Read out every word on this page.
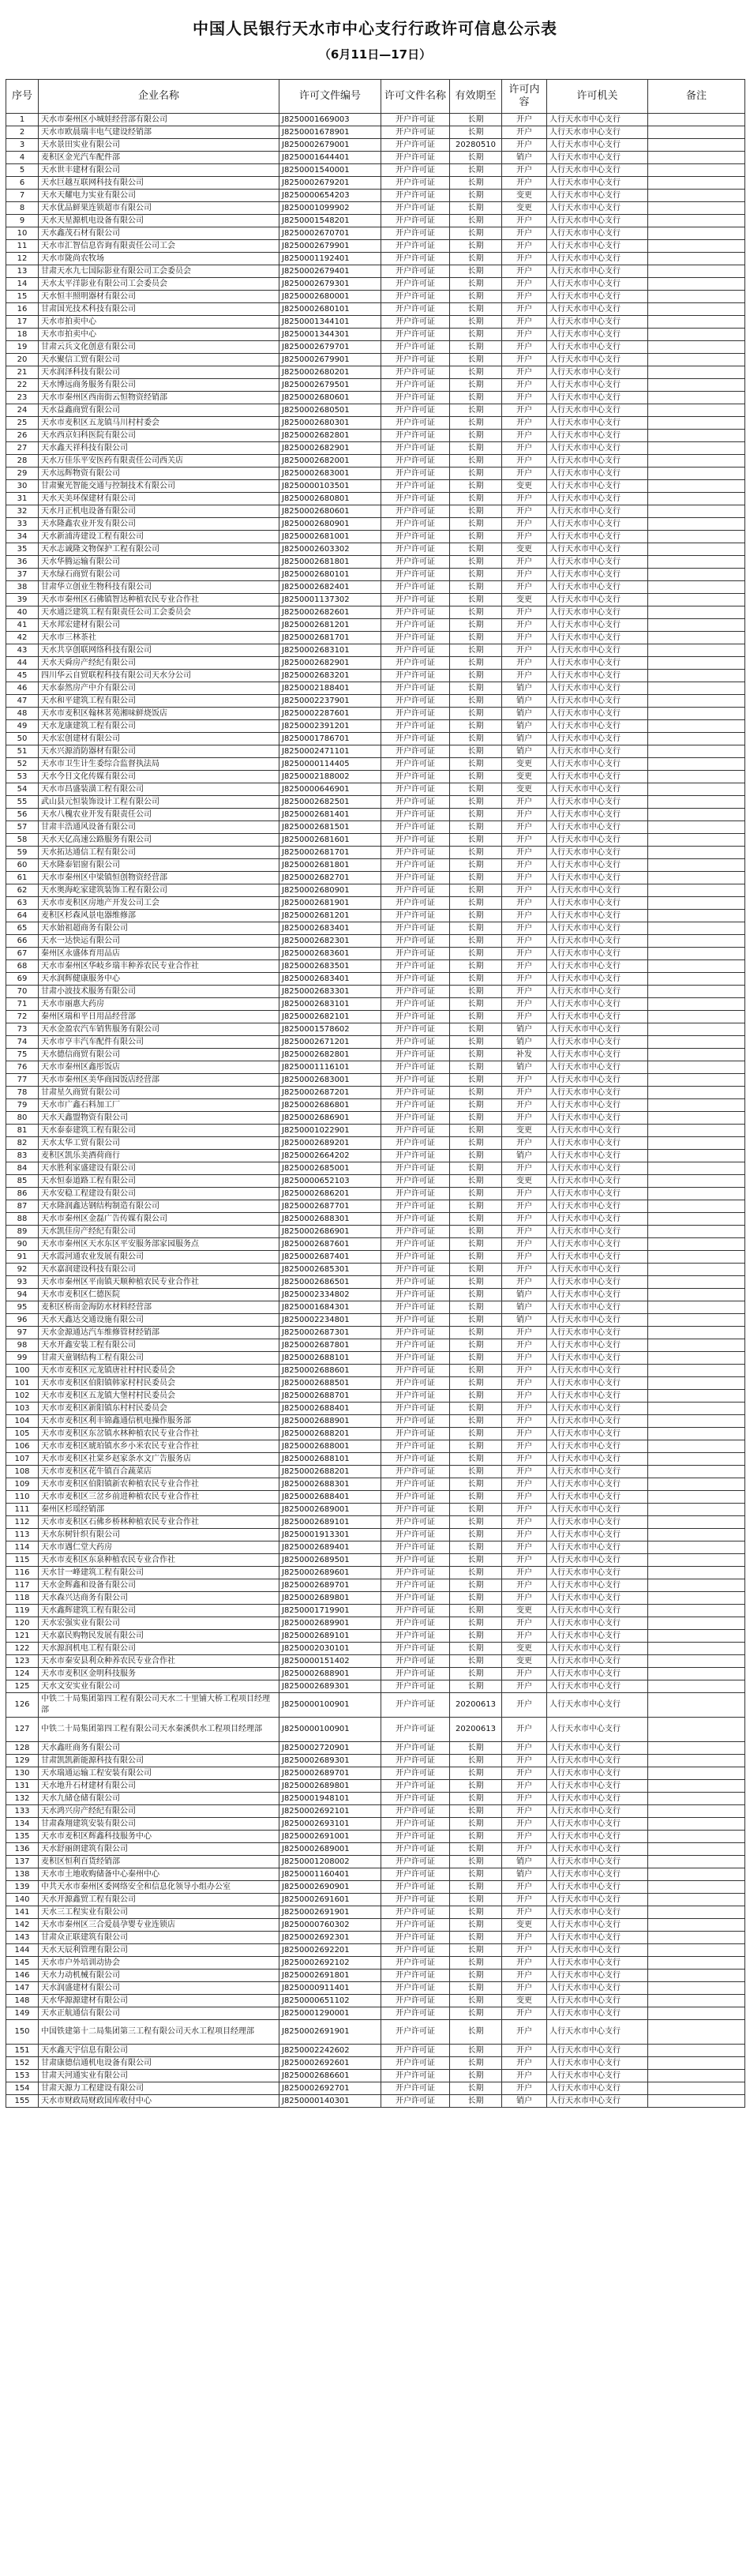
中国人民银行天水市中心支行行政许可信息公示表
（6月11日—17日）
序号	企业名称	许可文件编号	许可文件名称	有效期至	许可内容	许可机关	备注
1	天水市秦州区小城娃经营部有限公司	J8250001669003	开户许可证	长期	开户	人行天水市中心支行	
2	天水市欧晨瑞丰电气建设经销部	J8250001678901	开户许可证	长期	开户	人行天水市中心支行	
3	天水景田实业有限公司	J8250002679001	开户许可证	20280510	开户	人行天水市中心支行	
4	麦积区金光汽车配件部	J8250001644401	开户许可证	长期	销户	人行天水市中心支行	
5	天水世丰建材有限公司	J8250001540001	开户许可证	长期	开户	人行天水市中心支行	
6	天水巨越互联网科技有限公司	J8250002679201	开户许可证	长期	开户	人行天水市中心支行	
7	天水天耀电力实业有限公司	J8250000654203	开户许可证	长期	变更	人行天水市中心支行	
8	天水优品鲜果连锁超市有限公司	J8250001099902	开户许可证	长期	变更	人行天水市中心支行	
9	天水天星源机电设备有限公司	J8250001548201	开户许可证	长期	开户	人行天水市中心支行	
10	天水鑫茂石材有限公司	J8250002670701	开户许可证	长期	开户	人行天水市中心支行	
11	天水市汇智信息咨询有限责任公司工会	J8250002679901	开户许可证	长期	开户	人行天水市中心支行	
12	天水市陇尚农牧场	J8250001192401	开户许可证	长期	开户	人行天水市中心支行	
13	甘肃天水九七国际影业有限公司工会委员会	J8250002679401	开户许可证	长期	开户	人行天水市中心支行	
14	天水太平洋影业有限公司工会委员会	J8250002679301	开户许可证	长期	开户	人行天水市中心支行	
15	天水恒丰照明器材有限公司	J8250002680001	开户许可证	长期	开户	人行天水市中心支行	
16	甘肃国光技术科技有限公司	J8250002680101	开户许可证	长期	开户	人行天水市中心支行	
17	天水市拍卖中心	J8250001344101	开户许可证	长期	开户	人行天水市中心支行	
18	天水市拍卖中心	J8250001344301	开户许可证	长期	开户	人行天水市中心支行	
19	甘肃云兵文化创意有限公司	J8250002679701	开户许可证	长期	开户	人行天水市中心支行	
20	天水聚信工贸有限公司	J8250002679901	开户许可证	长期	开户	人行天水市中心支行	
21	天水润泽科技有限公司	J8250002680201	开户许可证	长期	开户	人行天水市中心支行	
22	天水博远商务服务有限公司	J8250002679501	开户许可证	长期	开户	人行天水市中心支行	
23	天水市秦州区西南街云恒物资经销部	J8250002680601	开户许可证	长期	开户	人行天水市中心支行	
24	天水益鑫商贸有限公司	J8250002680501	开户许可证	长期	开户	人行天水市中心支行	
25	天水市麦积区五龙镇马川村村委会	J8250002680301	开户许可证	长期	开户	人行天水市中心支行	
26	天水西京妇科医院有限公司	J8250002682801	开户许可证	长期	开户	人行天水市中心支行	
27	天水鑫天祥科技有限公司	J8250002682901	开户许可证	长期	开户	人行天水市中心支行	
28	天水万佳乐平安医药有限责任公司西关店	J8250002682001	开户许可证	长期	开户	人行天水市中心支行	
29	天水远辉物资有限公司	J8250002683001	开户许可证	长期	开户	人行天水市中心支行	
30	甘肃聚光智能交通与控制技术有限公司	J8250000103501	开户许可证	长期	变更	人行天水市中心支行	
31	天水天美环保建材有限公司	J8250002680801	开户许可证	长期	开户	人行天水市中心支行	
32	天水月正机电设备有限公司	J8250002680601	开户许可证	长期	开户	人行天水市中心支行	
33	天水隆鑫农业开发有限公司	J8250002680901	开户许可证	长期	开户	人行天水市中心支行	
34	天水新浦涛建设工程有限公司	J8250002681001	开户许可证	长期	开户	人行天水市中心支行	
35	天水志诚隆文物保护工程有限公司	J8250002603302	开户许可证	长期	变更	人行天水市中心支行	
36	天水华腾运输有限公司	J8250002681801	开户许可证	长期	开户	人行天水市中心支行	
37	天水绿石商贸有限公司	J8250002680101	开户许可证	长期	开户	人行天水市中心支行	
38	甘肃华立创业生物科技有限公司	J8250002682401	开户许可证	长期	开户	人行天水市中心支行	
39	天水市秦州区石佛镇智达种植农民专业合作社	J8250001137302	开户许可证	长期	变更	人行天水市中心支行	
40	天水通泛建筑工程有限责任公司工会委员会	J8250002682601	开户许可证	长期	开户	人行天水市中心支行	
41	天水邦宏建材有限公司	J8250002681201	开户许可证	长期	开户	人行天水市中心支行	
42	天水市三林茶社	J8250002681701	开户许可证	长期	开户	人行天水市中心支行	
43	天水共享创联网络科技有限公司	J8250002683101	开户许可证	长期	开户	人行天水市中心支行	
44	天水天舜房产经纪有限公司	J8250002682901	开户许可证	长期	开户	人行天水市中心支行	
45	四川华云自贸联程科技有限公司天水分公司	J8250002683201	开户许可证	长期	开户	人行天水市中心支行	
46	天水泰然房产中介有限公司	J8250002188401	开户许可证	长期	销户	人行天水市中心支行	
47	天水和平建筑工程有限公司	J8250002237901	开户许可证	长期	销户	人行天水市中心支行	
48	天水市麦积区翰林茗苑湘味鲜烧饭店	J8250002287601	开户许可证	长期	销户	人行天水市中心支行	
49	天水龙康建筑工程有限公司	J8250002391201	开户许可证	长期	销户	人行天水市中心支行	
50	天水宏创建材有限公司	J8250001786701	开户许可证	长期	销户	人行天水市中心支行	
51	天水兴源消防器材有限公司	J8250002471101	开户许可证	长期	销户	人行天水市中心支行	
52	天水市卫生计生委综合监督执法局	J8250000114405	开户许可证	长期	变更	人行天水市中心支行	
53	天水今日文化传媒有限公司	J8250002188002	开户许可证	长期	变更	人行天水市中心支行	
54	天水市昌盛装潢工程有限公司	J8250000646901	开户许可证	长期	变更	人行天水市中心支行	
55	武山县元恒装饰设计工程有限公司	J8250002682501	开户许可证	长期	开户	人行天水市中心支行	
56	天水八槐农业开发有限责任公司	J8250002681401	开户许可证	长期	开户	人行天水市中心支行	
57	甘肃丰浩通风设备有限公司	J8250002681501	开户许可证	长期	开户	人行天水市中心支行	
58	天水天亿高速公路服务有限公司	J8250002681601	开户许可证	长期	开户	人行天水市中心支行	
59	天水拓达通信工程有限公司	J8250002681701	开户许可证	长期	开户	人行天水市中心支行	
60	天水隆泰铝窗有限公司	J8250002681801	开户许可证	长期	开户	人行天水市中心支行	
61	天水市秦州区中梁镇恒创物资经营部	J8250002682701	开户许可证	长期	开户	人行天水市中心支行	
62	天水奥海屹家建筑装饰工程有限公司	J8250002680901	开户许可证	长期	开户	人行天水市中心支行	
63	天水市麦积区房地产开发公司工会	J8250002681901	开户许可证	长期	开户	人行天水市中心支行	
64	麦积区杉森风景电器维修部	J8250002681201	开户许可证	长期	开户	人行天水市中心支行	
65	天水始祖超商务有限公司	J8250002683401	开户许可证	长期	开户	人行天水市中心支行	
66	天水一达快运有限公司	J8250002682301	开户许可证	长期	开户	人行天水市中心支行	
67	秦州区永盛体育用品店	J8250002683601	开户许可证	长期	开户	人行天水市中心支行	
68	天水市秦州区华岐乡瑞丰种养农民专业合作社	J8250002683501	开户许可证	长期	开户	人行天水市中心支行	
69	天水润辉健康服务中心	J8250002683401	开户许可证	长期	开户	人行天水市中心支行	
70	甘肃小波技术服务有限公司	J8250002683301	开户许可证	长期	开户	人行天水市中心支行	
71	天水市丽惠大药房	J8250002683101	开户许可证	长期	开户	人行天水市中心支行	
72	秦州区瑞和平日用品经营部	J8250002682101	开户许可证	长期	开户	人行天水市中心支行	
73	天水金盈农汽车销售服务有限公司	J8250001578602	开户许可证	长期	销户	人行天水市中心支行	
74	天水市亨丰汽车配件有限公司	J8250002671201	开户许可证	长期	销户	人行天水市中心支行	
75	天水德信商贸有限公司	J8250002682801	开户许可证	长期	补发	人行天水市中心支行	
76	天水市秦州区鑫彤饭店	J8250001116101	开户许可证	长期	销户	人行天水市中心支行	
77	天水市秦州区美华商园饭店经营部	J8250002683001	开户许可证	长期	开户	人行天水市中心支行	
78	甘肃星久商贸有限公司	J8250002687201	开户许可证	长期	开户	人行天水市中心支行	
79	天水市广鑫石料加工厂	J8250002686801	开户许可证	长期	开户	人行天水市中心支行	
80	天水天鑫盟物资有限公司	J8250002686901	开户许可证	长期	开户	人行天水市中心支行	
81	天水泰泰建筑工程有限公司	J8250001022901	开户许可证	长期	变更	人行天水市中心支行	
82	天水太华工贸有限公司	J8250002689201	开户许可证	长期	开户	人行天水市中心支行	
83	麦积区凯乐美酒荷商行	J8250002664202	开户许可证	长期	销户	人行天水市中心支行	
84	天水胜利家盛建设有限公司	J8250002685001	开户许可证	长期	开户	人行天水市中心支行	
85	天水恒泰道路工程有限公司	J8250000652103	开户许可证	长期	变更	人行天水市中心支行	
86	天水安稳工程建设有限公司	J8250002686201	开户许可证	长期	开户	人行天水市中心支行	
87	天水隆润鑫达钢结构制造有限公司	J8250002687701	开户许可证	长期	开户	人行天水市中心支行	
88	天水市秦州区金磊广告传媒有限公司	J8250002688301	开户许可证	长期	开户	人行天水市中心支行	
89	天水凯佳房产经纪有限公司	J8250002686901	开户许可证	长期	开户	人行天水市中心支行	
90	天水市秦州区天水东区平安服务部家园服务点	J8250002687601	开户许可证	长期	开户	人行天水市中心支行	
91	天水霞河通农业发展有限公司	J8250002687401	开户许可证	长期	开户	人行天水市中心支行	
92	天水嘉润建设科技有限公司	J8250002685301	开户许可证	长期	开户	人行天水市中心支行	
93	天水市秦州区平南镇天顺种植农民专业合作社	J8250002686501	开户许可证	长期	开户	人行天水市中心支行	
94	天水市麦积区仁德医院	J8250002334802	开户许可证	长期	销户	人行天水市中心支行	
95	麦积区桥南金海防水材料经营部	J8250001684301	开户许可证	长期	销户	人行天水市中心支行	
96	天水天鑫达交通设施有限公司	J8250002234801	开户许可证	长期	销户	人行天水市中心支行	
97	天水金源通达汽车维修管材经销部	J8250002687301	开户许可证	长期	开户	人行天水市中心支行	
98	天水开鑫安装工程有限公司	J8250002687801	开户许可证	长期	开户	人行天水市中心支行	
99	甘肃天童钢结构工程有限公司	J8250002688101	开户许可证	长期	开户	人行天水市中心支行	
100	天水市麦积区元龙镇唐社村村民委员会	J8250002688601	开户许可证	长期	开户	人行天水市中心支行	
101	天水市麦积区伯阳镇韩家村村民委员会	J8250002688501	开户许可证	长期	开户	人行天水市中心支行	
102	天水市麦积区五龙镇大堡村村民委员会	J8250002688701	开户许可证	长期	开户	人行天水市中心支行	
103	天水市麦积区新阳镇东村村民委员会	J8250002688401	开户许可证	长期	开户	人行天水市中心支行	
104	天水市麦积区利丰锦鑫通信机电操作服务部	J8250002688901	开户许可证	长期	开户	人行天水市中心支行	
105	天水市麦积区东岔镇水林种植农民专业合作社	J8250002688201	开户许可证	长期	开户	人行天水市中心支行	
106	天水市麦积区琥珀镇水乡小米农民专业合作社	J8250002688001	开户许可证	长期	开户	人行天水市中心支行	
107	天水市麦积区社棠乡赵家条水文广告服务店	J8250002688101	开户许可证	长期	开户	人行天水市中心支行	
108	天水市麦积区花牛镇百合蔬菜店	J8250002688201	开户许可证	长期	开户	人行天水市中心支行	
109	天水市麦积区伯阳镇新农种植农民专业合作社	J8250002688301	开户许可证	长期	开户	人行天水市中心支行	
110	天水市麦积区三岔乡前进种植农民专业合作社	J8250002688401	开户许可证	长期	开户	人行天水市中心支行	
111	秦州区杉瑶经销部	J8250002689001	开户许可证	长期	开户	人行天水市中心支行	
112	天水市麦积区石佛乡桥林种植农民专业合作社	J8250002689101	开户许可证	长期	开户	人行天水市中心支行	
113	天水东树针织有限公司	J8250001913301	开户许可证	长期	开户	人行天水市中心支行	
114	天水市遇仁堂大药房	J8250002689401	开户许可证	长期	开户	人行天水市中心支行	
115	天水市麦积区东泉种植农民专业合作社	J8250002689501	开户许可证	长期	开户	人行天水市中心支行	
116	天水甘一峰建筑工程有限公司	J8250002689601	开户许可证	长期	开户	人行天水市中心支行	
117	天水金辉鑫和设备有限公司	J8250002689701	开户许可证	长期	开户	人行天水市中心支行	
118	天水森兴达商务有限公司	J8250002689801	开户许可证	长期	开户	人行天水市中心支行	
119	天水鑫辉建筑工程有限公司	J8250001719901	开户许可证	长期	变更	人行天水市中心支行	
120	天水宏强实业有限公司	J8250002689901	开户许可证	长期	开户	人行天水市中心支行	
121	天水嘉民购物民发展有限公司	J8250002689101	开户许可证	长期	开户	人行天水市中心支行	
122	天水源润机电工程有限公司	J8250002030101	开户许可证	长期	变更	人行天水市中心支行	
123	天水市秦安县利众种养农民专业合作社	J8250000151402	开户许可证	长期	变更	人行天水市中心支行	
124	天水市麦积区金明科技服务	J8250002688901	开户许可证	长期	开户	人行天水市中心支行	
125	天水文安实业有限公司	J8250002689301	开户许可证	长期	开户	人行天水市中心支行	
126	中铁二十局集团第四工程有限公司天水二十里铺大桥工程项目经理部	J8250000100901	开户许可证	20200613	开户	人行天水市中心支行	
127	中铁二十局集团第四工程有限公司天水秦溪供水工程项目经理部	J8250000100901	开户许可证	20200613	开户	人行天水市中心支行	
128	天水鑫旺商务有限公司	J8250002720901	开户许可证	长期	开户	人行天水市中心支行	
129	甘肃凯凯新能源科技有限公司	J8250002689301	开户许可证	长期	开户	人行天水市中心支行	
130	天水瑞通运输工程安装有限公司	J8250002689701	开户许可证	长期	开户	人行天水市中心支行	
131	天水地升石材建材有限公司	J8250002689801	开户许可证	长期	开户	人行天水市中心支行	
132	天水九储仓储有限公司	J8250001948101	开户许可证	长期	开户	人行天水市中心支行	
133	天水鸿兴房产经纪有限公司	J8250002692101	开户许可证	长期	开户	人行天水市中心支行	
134	甘肃森翔建筑安装有限公司	J8250002693101	开户许可证	长期	开户	人行天水市中心支行	
135	天水市麦积区辉鑫科技服务中心	J8250002691001	开户许可证	长期	开户	人行天水市中心支行	
136	天水舒丽朗建筑有限公司	J8250002689001	开户许可证	长期	开户	人行天水市中心支行	
137	麦积区恒利百货经销部	J8250001208002	开户许可证	长期	销户	人行天水市中心支行	
138	天水市土地收购储备中心秦州中心	J8250001160401	开户许可证	长期	销户	人行天水市中心支行	
139	中共天水市秦州区委网络安全和信息化领导小组办公室	J8250002690901	开户许可证	长期	开户	人行天水市中心支行	
140	天水开源鑫贸工程有限公司	J8250002691601	开户许可证	长期	开户	人行天水市中心支行	
141	天水三工程实业有限公司	J8250002691901	开户许可证	长期	开户	人行天水市中心支行	
142	天水市秦州区三合爱晨孕婴专业连锁店	J8250000760302	开户许可证	长期	变更	人行天水市中心支行	
143	甘肃众正联建筑有限公司	J8250002692301	开户许可证	长期	开户	人行天水市中心支行	
144	天水天辰利管理有限公司	J8250002692201	开户许可证	长期	开户	人行天水市中心支行	
145	天水市户外培训动协会	J8250002692102	开户许可证	长期	开户	人行天水市中心支行	
146	天水力动机械有限公司	J8250002691801	开户许可证	长期	开户	人行天水市中心支行	
147	天水润盛建材有限公司	J8250000911401	开户许可证	长期	开户	人行天水市中心支行	
148	天水华源源建材有限公司	J8250000651102	开户许可证	长期	变更	人行天水市中心支行	
149	天水正航通信有限公司	J8250001290001	开户许可证	长期	开户	人行天水市中心支行	
150	中国铁建第十二局集团第三工程有限公司天水工程项目经理部	J8250002691901	开户许可证	长期	开户	人行天水市中心支行	
151	天水鑫天宇信息有限公司	J8250002242602	开户许可证	长期	开户	人行天水市中心支行	
152	甘肃康德信通机电设备有限公司	J8250002692601	开户许可证	长期	开户	人行天水市中心支行	
153	甘肃天河通实业有限公司	J8250002686601	开户许可证	长期	开户	人行天水市中心支行	
154	甘肃天源力工程建设有限公司	J8250002692701	开户许可证	长期	开户	人行天水市中心支行	
155	天水市财政局财政国库收付中心	J8250000140301	开户许可证	长期	销户	人行天水市中心支行	
